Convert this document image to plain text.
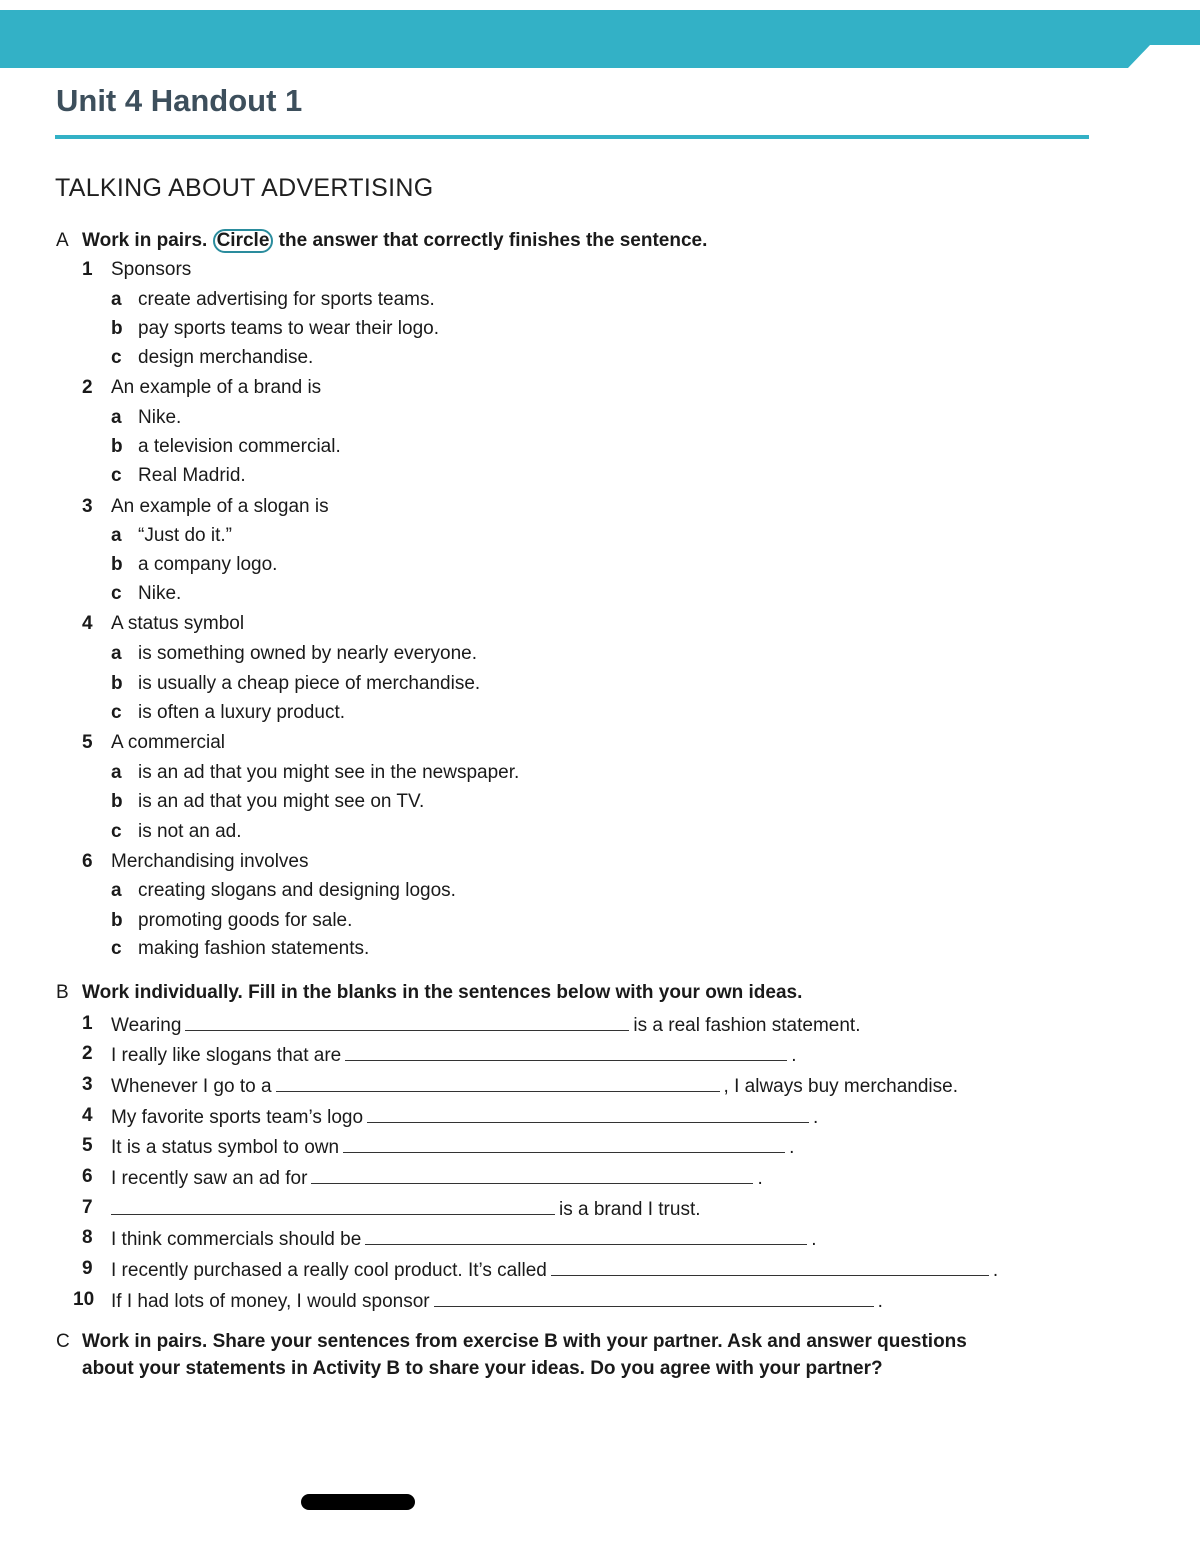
Unit 4 Handout 1
TALKING ABOUT ADVERTISING
A Work in pairs. Circle the answer that correctly finishes the sentence.
1 Sponsors
a create advertising for sports teams.
b pay sports teams to wear their logo.
c design merchandise.
2 An example of a brand is
a Nike.
b a television commercial.
c Real Madrid.
3 An example of a slogan is
a “Just do it.”
b a company logo.
c Nike.
4 A status symbol
a is something owned by nearly everyone.
b is usually a cheap piece of merchandise.
c is often a luxury product.
5 A commercial
a is an ad that you might see in the newspaper.
b is an ad that you might see on TV.
c is not an ad.
6 Merchandising involves
a creating slogans and designing logos.
b promoting goods for sale.
c making fashion statements.
B Work individually. Fill in the blanks in the sentences below with your own ideas.
1 Wearing	is a real fashion statement.
2 I really like slogans that are	.
3 Whenever I go to a	, I always buy merchandise.
4 My favorite sports team’s logo	.
5 It is a status symbol to own	.
6 I recently saw an ad for	.
7	is a brand I trust.
8 I think commercials should be	.
9 I recently purchased a really cool product. It’s called	.
10 If I had lots of money, I would sponsor	.
C Work in pairs. Share your sentences from exercise B with your partner. Ask and answer questions
about your statements in Activity B to share your ideas. Do you agree with your partner?
